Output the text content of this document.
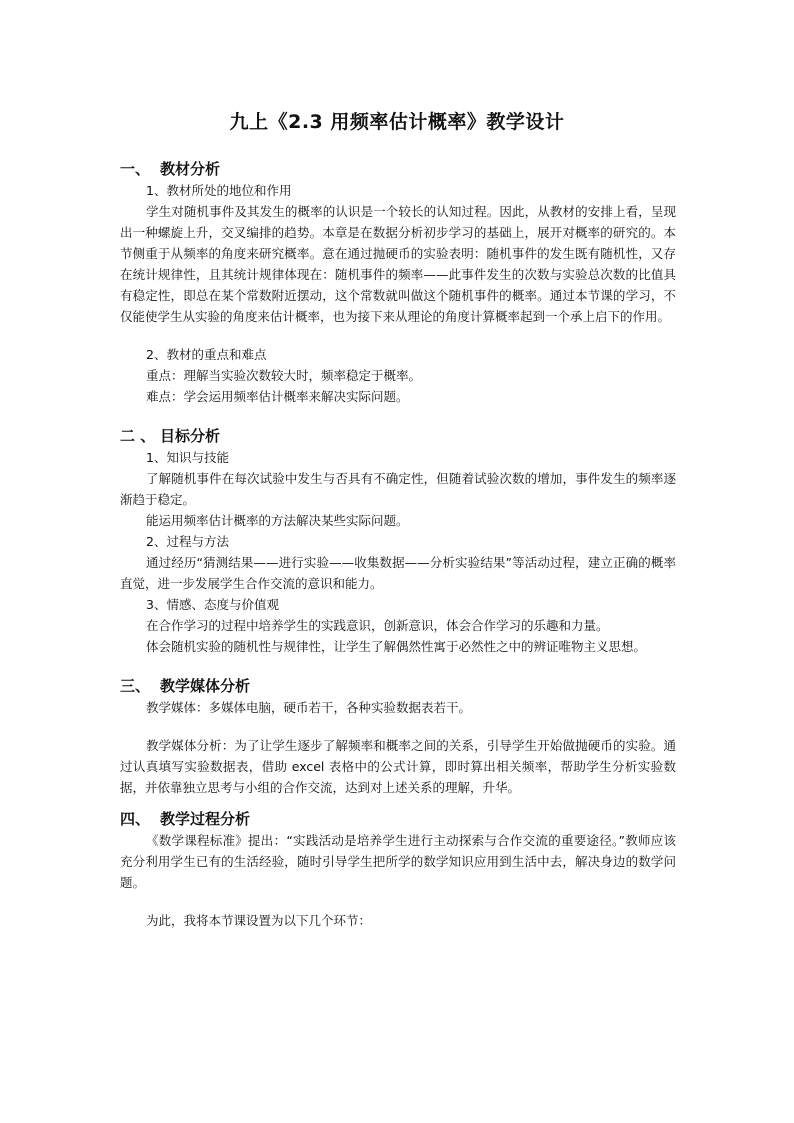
九上《2.3 用频率估计概率》教学设计
一、 教材分析

1、教材所处的地位和作用

学生对随机事件及其发生的概率的认识是一个较长的认知过程。因此，从教材的安排上看，呈现出一种螺旋上升，交叉编排的趋势。本章是在数据分析初步学习的基础上，展开对概率的研究的。本节侧重于从频率的角度来研究概率。意在通过抛硬币的实验表明：随机事件的发生既有随机性，又存在统计规律性，且其统计规律体现在：随机事件的频率——此事件发生的次数与实验总次数的比值具有稳定性，即总在某个常数附近摆动，这个常数就叫做这个随机事件的概率。通过本节课的学习，不仅能使学生从实验的角度来估计概率，也为接下来从理论的角度计算概率起到一个承上启下的作用。

2、教材的重点和难点

重点：理解当实验次数较大时，频率稳定于概率。

难点：学会运用频率估计概率来解决实际问题。

二 、 目标分析

1、知识与技能

了解随机事件在每次试验中发生与否具有不确定性，但随着试验次数的增加，事件发生的频率逐渐趋于稳定。

能运用频率估计概率的方法解决某些实际问题。

2、过程与方法

通过经历“猜测结果——进行实验——收集数据——分析实验结果”等活动过程，建立正确的概率直觉，进一步发展学生合作交流的意识和能力。

3、情感、态度与价值观

在合作学习的过程中培养学生的实践意识，创新意识，体会合作学习的乐趣和力量。

体会随机实验的随机性与规律性，让学生了解偶然性寓于必然性之中的辨证唯物主义思想。

三、 教学媒体分析

教学媒体：多媒体电脑，硬币若干，各种实验数据表若干。

教学媒体分析：为了让学生逐步了解频率和概率之间的关系，引导学生开始做抛硬币的实验。通过认真填写实验数据表，借助 excel 表格中的公式计算，即时算出相关频率，帮助学生分析实验数据，并依靠独立思考与小组的合作交流，达到对上述关系的理解，升华。

四、 教学过程分析

《数学课程标准》提出：“实践活动是培养学生进行主动探索与合作交流的重要途径。”教师应该充分利用学生已有的生活经验，随时引导学生把所学的数学知识应用到生活中去，解决身边的数学问题。

为此，我将本节课设置为以下几个环节：
